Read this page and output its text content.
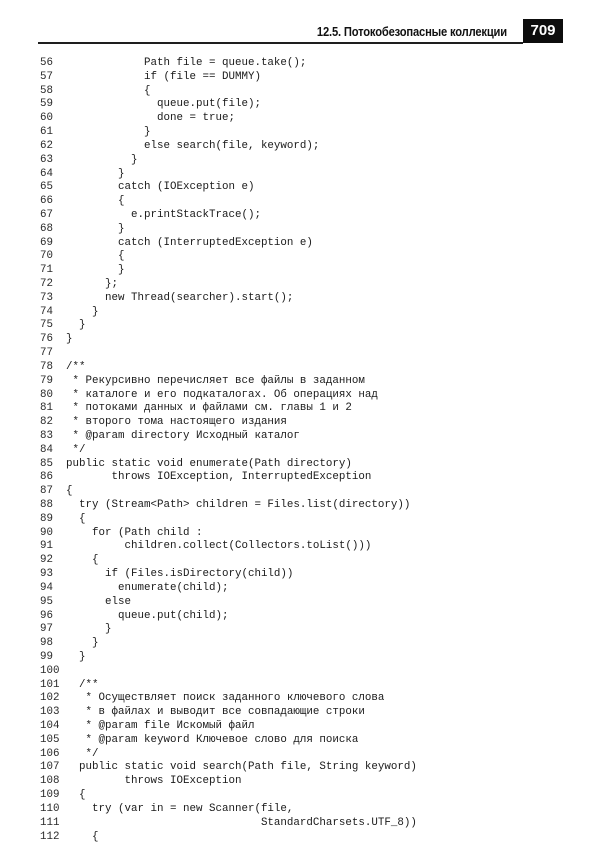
12.5. Потокобезопасные коллекции	709
56 Path file = queue.take();
57 if (file == DUMMY)
58 {
59 queue.put(file);
60 done = true;
61 }
62 else search(file, keyword);
63 }
64 }
65 catch (IOException e)
66 {
67 e.printStackTrace();
68 }
69 catch (InterruptedException e)
70 {
71 }
72 };
73 new Thread(searcher).start();
74 }
75 }
76 }
77
78 /**
79 * Рекурсивно перечисляет все файлы в заданном
80 * каталоге и его подкаталогах. Об операциях над
81 * потоками данных и файлами см. главы 1 и 2
82 * второго тома настоящего издания
83 * @param directory Исходный каталог
84 */
85 public static void enumerate(Path directory)
86 throws IOException, InterruptedException
87 {
88 try (Stream<Path> children = Files.list(directory))
89 {
90 for (Path child :
91 children.collect(Collectors.toList()))
92 {
93 if (Files.isDirectory(child))
94 enumerate(child);
95 else
96 queue.put(child);
97 }
98 }
99 }
100
101 /**
102 * Осуществляет поиск заданного ключевого слова
103 * в файлах и выводит все совпадающие строки
104 * @param file Искомый файл
105 * @param keyword Ключевое слово для поиска
106 */
107 public static void search(Path file, String keyword)
108 throws IOException
109 {
110 try (var in = new Scanner(file,
111 StandardCharsets.UTF_8))
112 {
